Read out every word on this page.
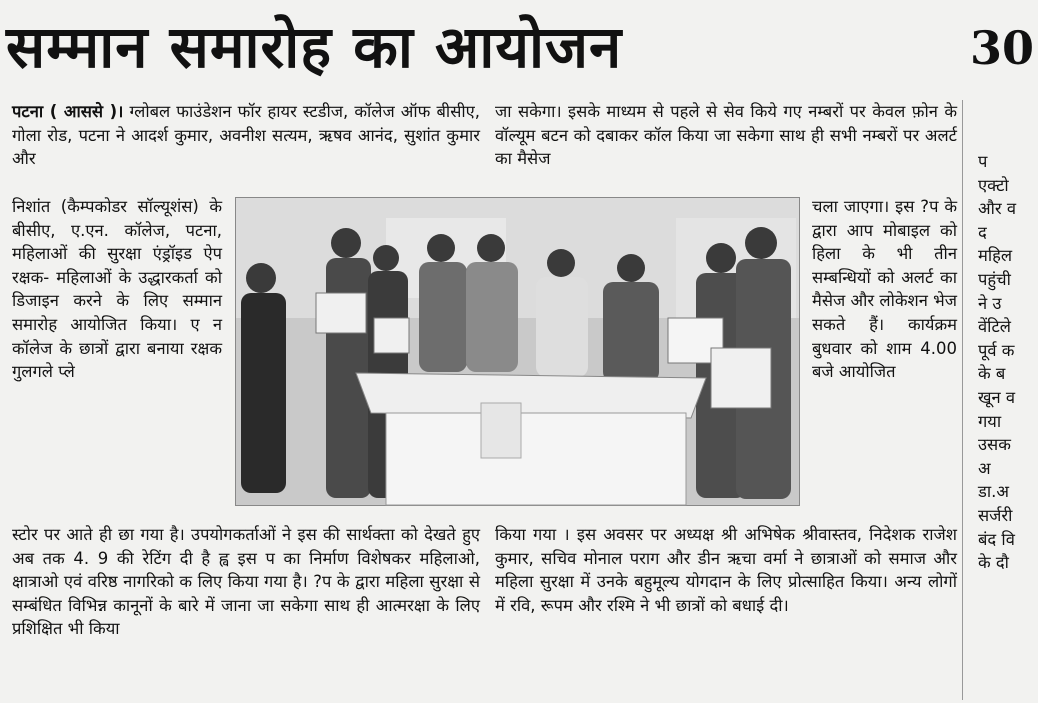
सम्मान समारोह का आयोजन	30

पटना ( आससे )। ग्लोबल फाउंडेशन फॉर हायर स्टडीज, कॉलेज ऑफ बीसीए, गोला रोड, पटना ने आदर्श कुमार, अवनीश सत्यम, ऋषव आनंद, सुशांत कुमार और

निशांत (कैम्पकोडर सॉल्यूशंस) के बीसीए, ए.एन. कॉलेज, पटना, महिलाओं की सुरक्षा एंड्रॉइड ऐप रक्षक- महिलाओं के उद्धारकर्ता को डिजाइन करने के लिए सम्मान समारोह आयोजित किया। ए न कॉलेज के छात्रों द्वारा बनाया रक्षक गुलगले प्ले

स्टोर पर आते ही छा गया है। उपयोगकर्ताओं ने इस की सार्थक्ता को देखते हुए अब तक 4. 9 की रेटिंग दी है ह्व इस प का निर्माण विशेषकर महिलाओ, क्षात्राओ एवं वरिष्ठ नागरिको क लिए किया गया है। ?प के द्वारा महिला सुरक्षा से सम्बंधित विभिन्न कानूनों के बारे में जाना जा सकेगा साथ ही आत्मरक्षा के लिए प्रशिक्षित भी किया

जा सकेगा। इसके माध्यम से पहले से सेव किये गए नम्बरों पर केवल फ़ोन के वॉल्यूम बटन को दबाकर कॉल किया जा सकेगा साथ ही सभी नम्बरों पर अलर्ट का मैसेज

चला जाएगा। इस ?प के द्वारा आप मोबाइल को हिला के भी तीन सम्बन्धियों को अलर्ट का मैसेज और लोकेशन भेज सकते हैं। कार्यक्रम बुधवार को शाम 4.00 बजे आयोजित

किया गया । इस अवसर पर अध्यक्ष श्री अभिषेक श्रीवास्तव, निदेशक राजेश कुमार, सचिव मोनाल पराग और डीन ऋचा वर्मा ने छात्राओं को समाज और महिला सुरक्षा में उनके बहुमूल्य योगदान के लिए प्रोत्साहित किया। अन्य लोगों में रवि, रूपम और रश्मि ने भी छात्रों को बधाई दी।

प
एक्टो
और व
द
महिल
पहुंची
ने उ
वेंटिले
पूर्व क
के ब
खून व
गया
उसक
अ
डा.अ
सर्जरी
बंद वि
के दौ
